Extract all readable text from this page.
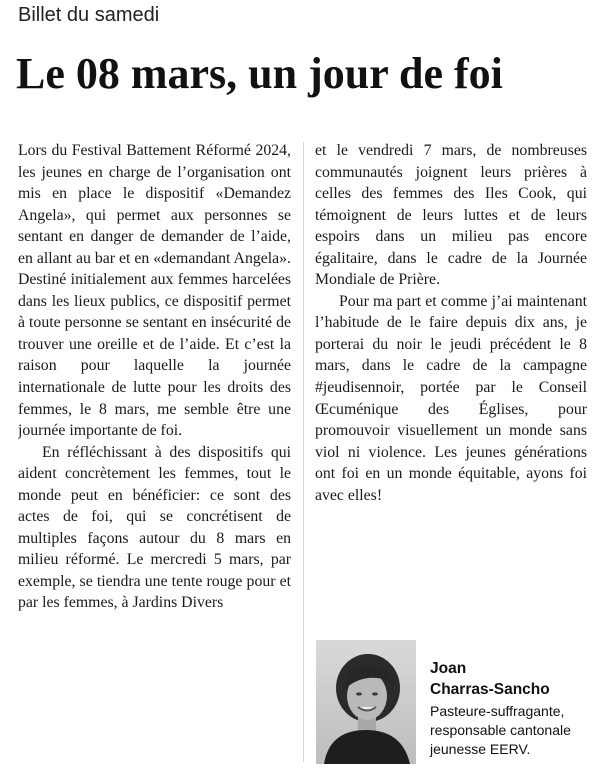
Billet du samedi
Le 08 mars, un jour de foi

Lors du Festival Battement Réformé 2024, les jeunes en charge de l’organisation ont mis en place le dispositif «Demandez Angela», qui permet aux personnes se sentant en danger de demander de l’aide, en allant au bar et en «demandant Angela». Destiné initialement aux femmes harcelées dans les lieux publics, ce dispositif permet à toute personne se sentant en insécurité de trouver une oreille et de l’aide. Et c’est la raison pour laquelle la journée internationale de lutte pour les droits des femmes, le 8 mars, me semble être une journée importante de foi.

En réfléchissant à des dispositifs qui aident concrètement les femmes, tout le monde peut en bénéficier: ce sont des actes de foi, qui se concrétisent de multiples façons autour du 8 mars en milieu réformé. Le mercredi 5 mars, par exemple, se tiendra une tente rouge pour et par les femmes, à Jardins Divers

et le vendredi 7 mars, de nombreuses communautés joignent leurs prières à celles des femmes des Iles Cook, qui témoignent de leurs luttes et de leurs espoirs dans un milieu pas encore égalitaire, dans le cadre de la Journée Mondiale de Prière.

Pour ma part et comme j’ai maintenant l’habitude de le faire depuis dix ans, je porterai du noir le jeudi précédent le 8 mars, dans le cadre de la campagne #jeudisennoir, portée par le Conseil Œcuménique des Églises, pour promouvoir visuellement un monde sans viol ni violence. Les jeunes générations ont foi en un monde équitable, ayons foi avec elles!

Joan
Charras-Sancho
Pasteure-suffragante,
responsable cantonale
jeunesse EERV.
